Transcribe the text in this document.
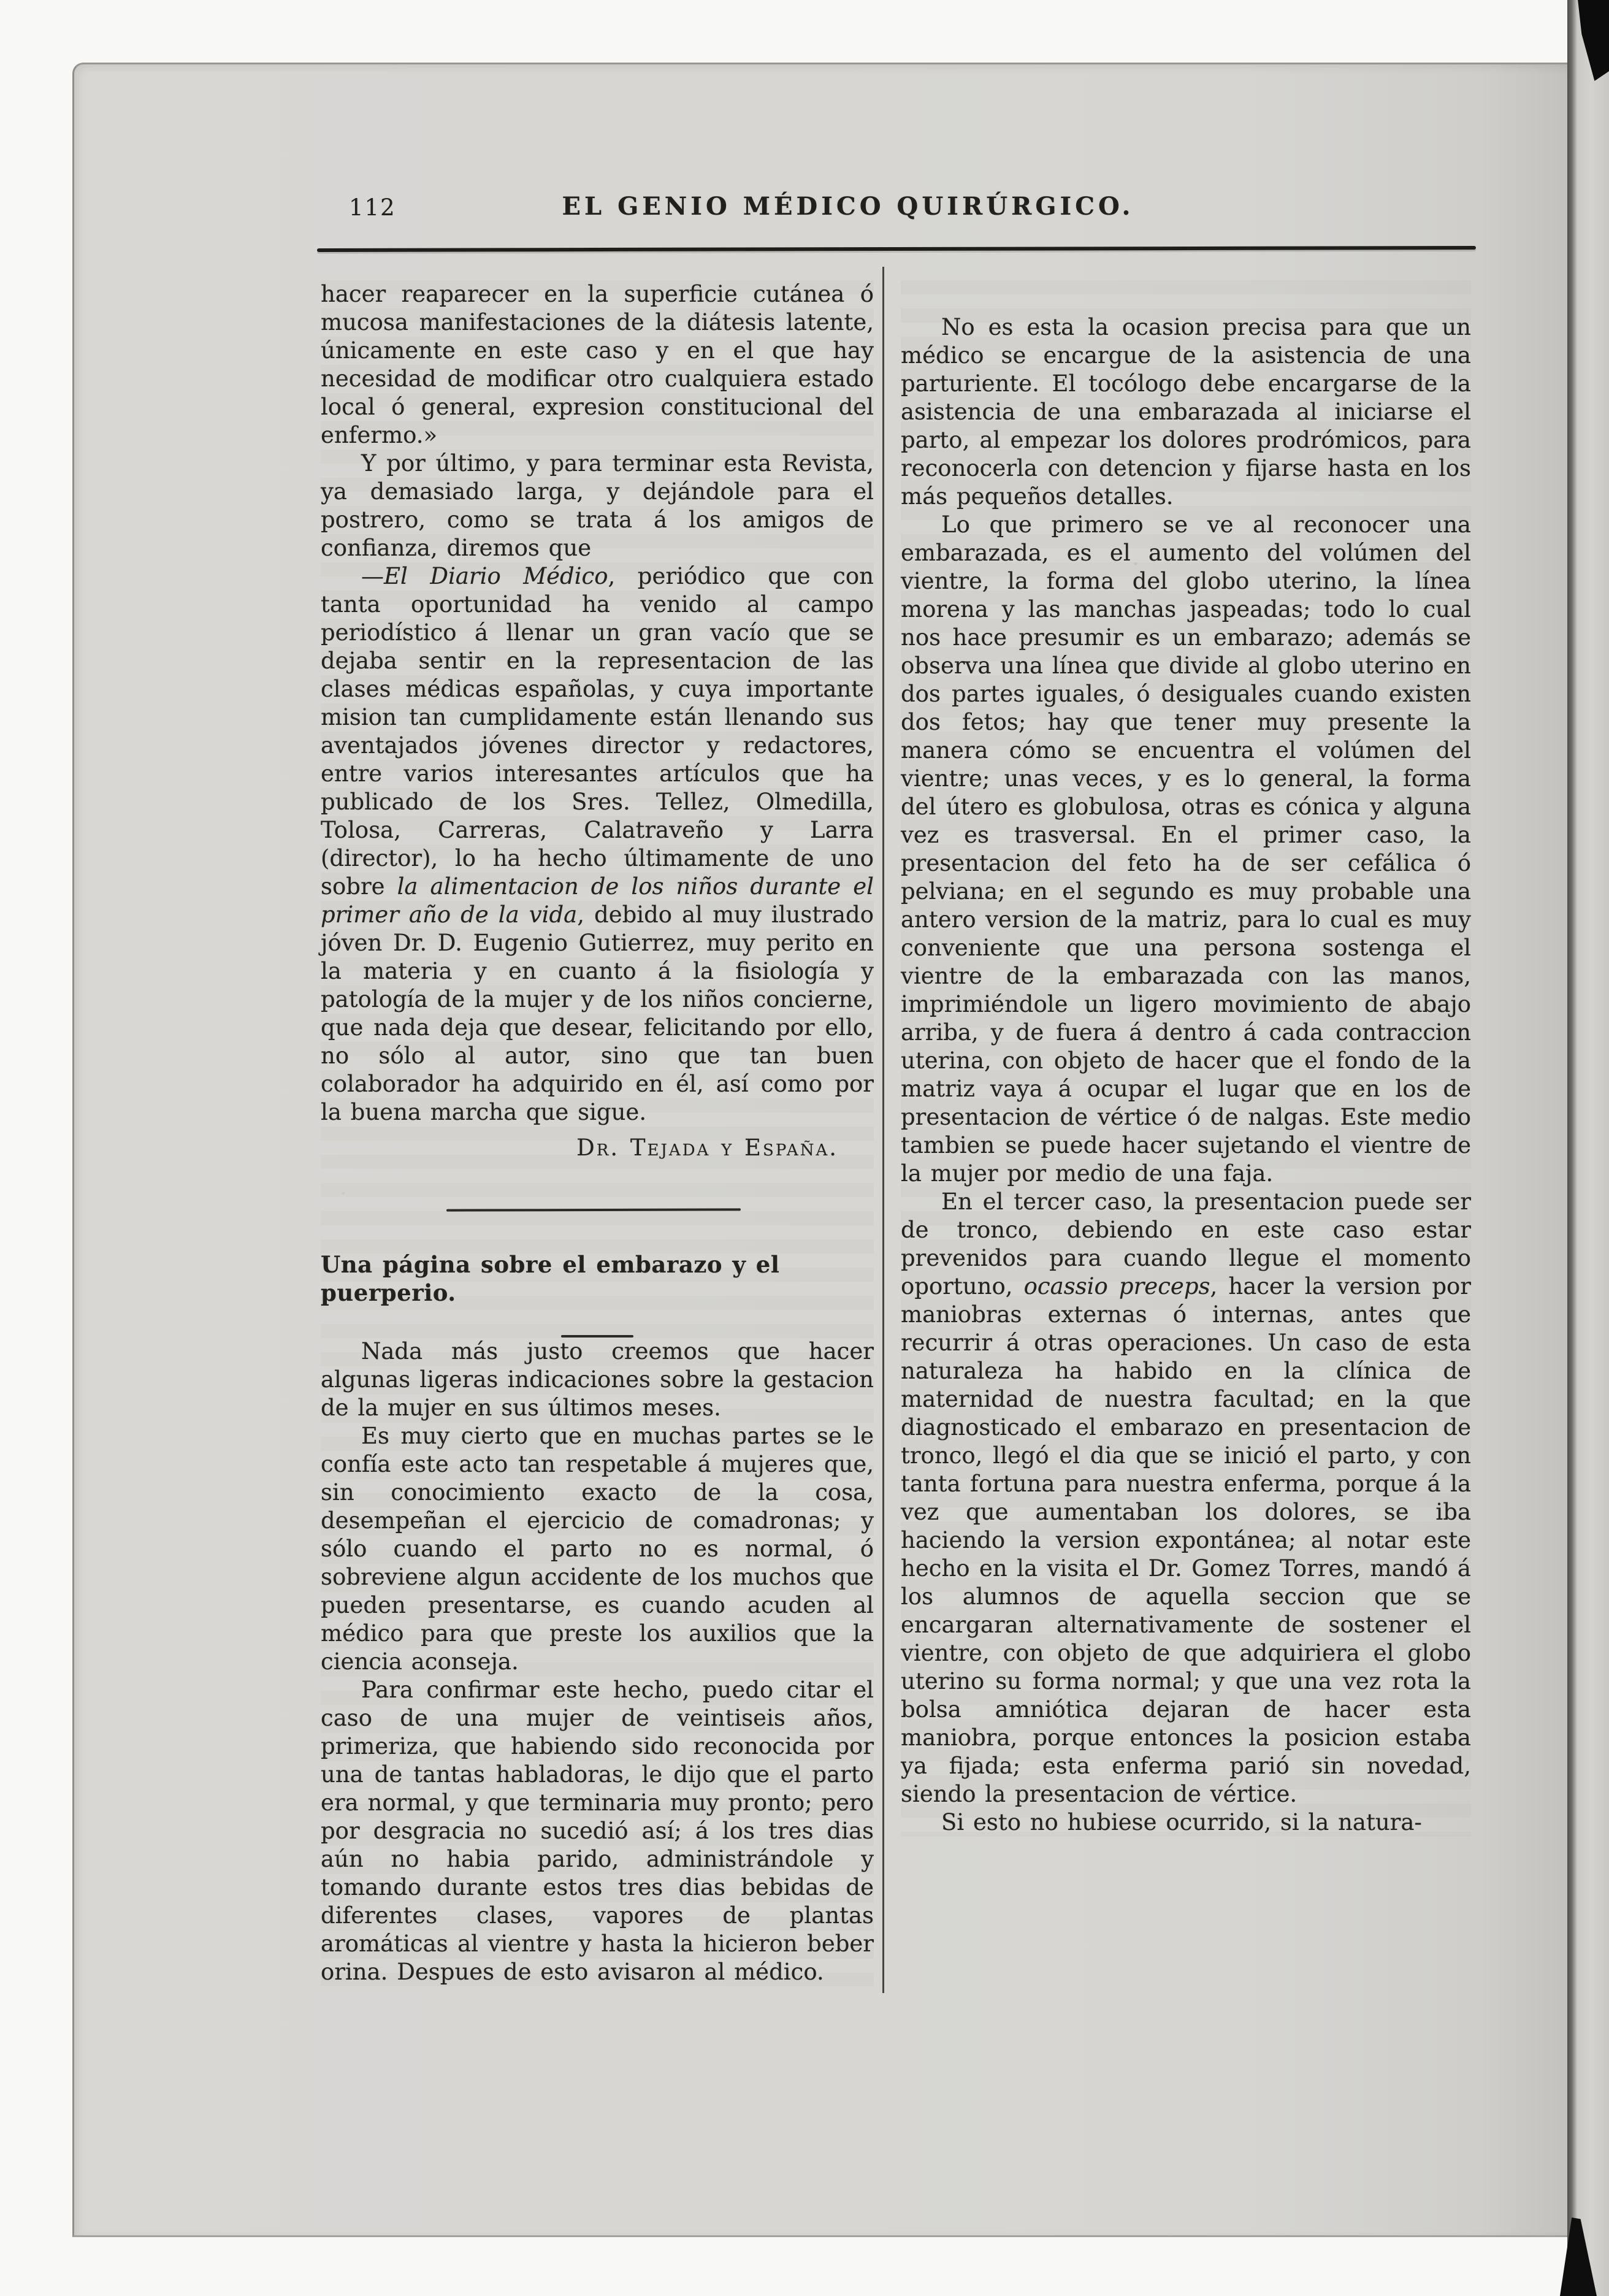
112	EL GENIO MÉDICO QUIRÚRGICO.

hacer reaparecer en la superficie cutánea ó mucosa manifestaciones de la diátesis latente, únicamente en este caso y en el que hay necesidad de modificar otro cualquiera estado local ó general, expresion constitucional del enfermo.»

Y por último, y para terminar esta Revista, ya demasiado larga, y dejándole para el postrero, como se trata á los amigos de confianza, diremos que

—El Diario Médico, periódico que con tanta oportunidad ha venido al campo periodístico á llenar un gran vacío que se dejaba sentir en la representacion de las clases médicas españolas, y cuya importante mision tan cumplidamente están llenando sus aventajados jóvenes director y redactores, entre varios interesantes artículos que ha publicado de los Sres. Tellez, Olmedilla, Tolosa, Carreras, Calatraveño y Larra (director), lo ha hecho últimamente de uno sobre la alimentacion de los niños durante el primer año de la vida, debido al muy ilustrado jóven Dr. D. Eugenio Gutierrez, muy perito en la materia y en cuanto á la fisiología y patología de la mujer y de los niños concierne, que nada deja que desear, felicitando por ello, no sólo al autor, sino que tan buen colaborador ha adquirido en él, así como por la buena marcha que sigue.

Dr. Tejada y España.

Una página sobre el embarazo y el puerperio.

Nada más justo creemos que hacer algunas ligeras indicaciones sobre la gestacion de la mujer en sus últimos meses.

Es muy cierto que en muchas partes se le confía este acto tan respetable á mujeres que, sin conocimiento exacto de la cosa, desempeñan el ejercicio de comadronas; y sólo cuando el parto no es normal, ó sobreviene algun accidente de los muchos que pueden presentarse, es cuando acuden al médico para que preste los auxilios que la ciencia aconseja.

Para confirmar este hecho, puedo citar el caso de una mujer de veintiseis años, primeriza, que habiendo sido reconocida por una de tantas habladoras, le dijo que el parto era normal, y que terminaria muy pronto; pero por desgracia no sucedió así; á los tres dias aún no habia parido, administrándole y tomando durante estos tres dias bebidas de diferentes clases, vapores de plantas aromáticas al vientre y hasta la hicieron beber orina. Despues de esto avisaron al médico.

No es esta la ocasion precisa para que un médico se encargue de la asistencia de una parturiente. El tocólogo debe encargarse de la asistencia de una embarazada al iniciarse el parto, al empezar los dolores prodrómicos, para reconocerla con detencion y fijarse hasta en los más pequeños detalles.

Lo que primero se ve al reconocer una embarazada, es el aumento del volúmen del vientre, la forma del globo uterino, la línea morena y las manchas jaspeadas; todo lo cual nos hace presumir es un embarazo; además se observa una línea que divide al globo uterino en dos partes iguales, ó desiguales cuando existen dos fetos; hay que tener muy presente la manera cómo se encuentra el volúmen del vientre; unas veces, y es lo general, la forma del útero es globulosa, otras es cónica y alguna vez es trasversal. En el primer caso, la presentacion del feto ha de ser cefálica ó pelviana; en el segundo es muy probable una antero version de la matriz, para lo cual es muy conveniente que una persona sostenga el vientre de la embarazada con las manos, imprimiéndole un ligero movimiento de abajo arriba, y de fuera á dentro á cada contraccion uterina, con objeto de hacer que el fondo de la matriz vaya á ocupar el lugar que en los de presentacion de vértice ó de nalgas. Este medio tambien se puede hacer sujetando el vientre de la mujer por medio de una faja.

En el tercer caso, la presentacion puede ser de tronco, debiendo en este caso estar prevenidos para cuando llegue el momento oportuno, ocassio preceps, hacer la version por maniobras externas ó internas, antes que recurrir á otras operaciones. Un caso de esta naturaleza ha habido en la clínica de maternidad de nuestra facultad; en la que diagnosticado el embarazo en presentacion de tronco, llegó el dia que se inició el parto, y con tanta fortuna para nuestra enferma, porque á la vez que aumentaban los dolores, se iba haciendo la version expontánea; al notar este hecho en la visita el Dr. Gomez Torres, mandó á los alumnos de aquella seccion que se encargaran alternativamente de sostener el vientre, con objeto de que adquiriera el globo uterino su forma normal; y que una vez rota la bolsa amniótica dejaran de hacer esta maniobra, porque entonces la posicion estaba ya fijada; esta enferma parió sin novedad, siendo la presentacion de vértice.

Si esto no hubiese ocurrido, si la natura-
